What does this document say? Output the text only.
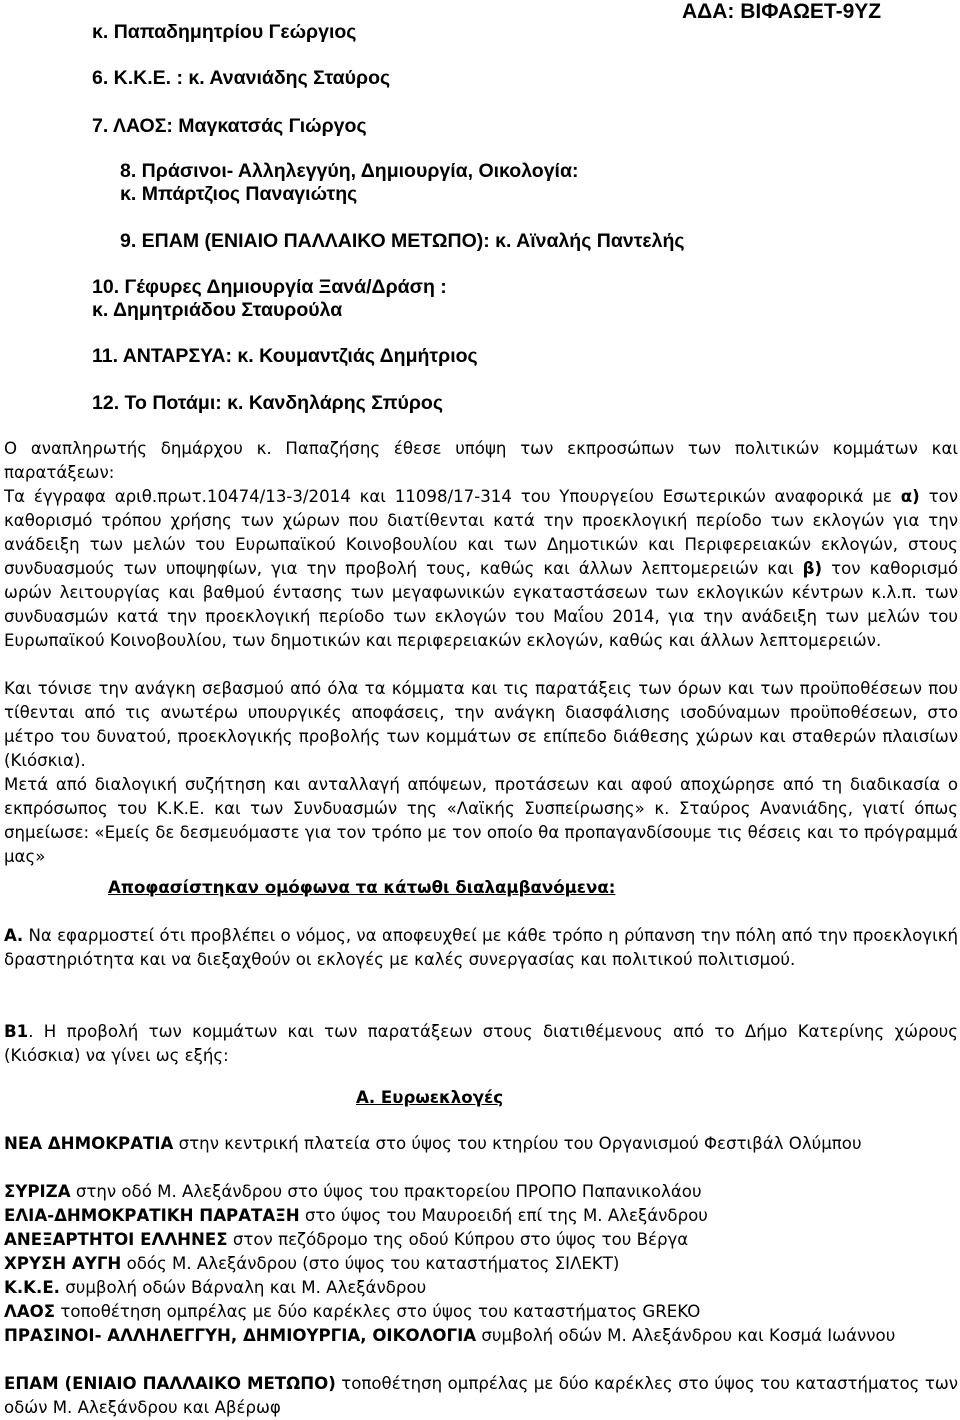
ΑΔΑ: ΒΙΦΑΩΕΤ-9ΥΖ
κ. Παπαδημητρίου Γεώργιος
6. Κ.Κ.Ε. : κ. Ανανιάδης Σταύρος
7. ΛΑΟΣ: Μαγκατσάς Γιώργος
8. Πράσινοι- Αλληλεγγύη, Δημιουργία, Οικολογία:
κ. Μπάρτζιος Παναγιώτης
9. ΕΠΑΜ (ΕΝΙΑΙΟ ΠΑΛΛΑΙΚΟ ΜΕΤΩΠΟ): κ. Αϊναλής Παντελής
10. Γέφυρες Δημιουργία Ξανά/Δράση :
κ. Δημητριάδου Σταυρούλα
11. ΑΝΤΑΡΣΥΑ: κ. Κουμαντζιάς Δημήτριος
12. Το Ποτάμι: κ. Κανδηλάρης Σπύρος
Ο αναπληρωτής δημάρχου κ. Παπαζήσης έθεσε υπόψη των εκπροσώπων των πολιτικών κομμάτων και παρατάξεων:
Τα έγγραφα αριθ.πρωτ.10474/13-3/2014 και 11098/17-314 του Υπουργείου Εσωτερικών αναφορικά με α) τον καθορισμό τρόπου χρήσης των χώρων που διατίθενται κατά την προεκλογική περίοδο των εκλογών για την ανάδειξη των μελών του Ευρωπαϊκού Κοινοβουλίου και των Δημοτικών και Περιφερειακών εκλογών, στους συνδυασμούς των υποψηφίων, για την προβολή τους, καθώς και άλλων λεπτομερειών και β) τον καθορισμό ωρών λειτουργίας και βαθμού έντασης των μεγαφωνικών εγκαταστάσεων των εκλογικών κέντρων κ.λ.π. των συνδυασμών κατά την προεκλογική περίοδο των εκλογών του Μαΐου 2014, για την ανάδειξη των μελών του Ευρωπαϊκού Κοινοβουλίου, των δημοτικών και περιφερειακών εκλογών, καθώς και άλλων λεπτομερειών.
Και τόνισε την ανάγκη σεβασμού από όλα τα κόμματα και τις παρατάξεις των όρων και των προϋποθέσεων που τίθενται από τις ανωτέρω υπουργικές αποφάσεις, την ανάγκη διασφάλισης ισοδύναμων προϋποθέσεων, στο μέτρο του δυνατού, προεκλογικής προβολής των κομμάτων σε επίπεδο διάθεσης χώρων και σταθερών πλαισίων (Κιόσκια).
Μετά από διαλογική συζήτηση και ανταλλαγή απόψεων, προτάσεων και αφού αποχώρησε από τη διαδικασία ο εκπρόσωπος του Κ.Κ.Ε. και των Συνδυασμών της «Λαϊκής Συσπείρωσης» κ. Σταύρος Ανανιάδης, γιατί όπως σημείωσε: «Εμείς δε δεσμευόμαστε για τον τρόπο με τον οποίο θα προπαγανδίσουμε τις θέσεις και το πρόγραμμά μας»
Αποφασίστηκαν ομόφωνα τα κάτωθι διαλαμβανόμενα:
Α. Να εφαρμοστεί ότι προβλέπει ο νόμος, να αποφευχθεί με κάθε τρόπο η ρύπανση την πόλη από την προεκλογική δραστηριότητα και να διεξαχθούν οι εκλογές με καλές συνεργασίας και πολιτικού πολιτισμού.
Β1. Η προβολή των κομμάτων και των παρατάξεων στους διατιθέμενους από το Δήμο Κατερίνης χώρους (Κιόσκια) να γίνει ως εξής:
Α. Ευρωεκλογές
ΝΕΑ ΔΗΜΟΚΡΑΤΙΑ στην κεντρική πλατεία στο ύψος του κτηρίου του Οργανισμού Φεστιβάλ Ολύμπου
ΣΥΡΙΖΑ στην οδό Μ. Αλεξάνδρου στο ύψος του πρακτορείου ΠΡΟΠΟ Παπανικολάου
ΕΛΙΑ-ΔΗΜΟΚΡΑΤΙΚΗ ΠΑΡΑΤΑΞΗ στο ύψος του Μαυροειδή επί της Μ. Αλεξάνδρου
ΑΝΕΞΑΡΤΗΤΟΙ ΕΛΛΗΝΕΣ στον πεζόδρομο της οδού Κύπρου στο ύψος του Βέργα
ΧΡΥΣΗ ΑΥΓΗ οδός Μ. Αλεξάνδρου (στο ύψος του καταστήματος ΣΙΛΕΚΤ)
Κ.Κ.Ε. συμβολή οδών Βάρναλη και Μ. Αλεξάνδρου
ΛΑΟΣ τοποθέτηση ομπρέλας με δύο καρέκλες στο ύψος του καταστήματος GREKO
ΠΡΑΣΙΝΟΙ- ΑΛΛΗΛΕΓΓΥΗ, ΔΗΜΙΟΥΡΓΙΑ, ΟΙΚΟΛΟΓΙΑ συμβολή οδών Μ. Αλεξάνδρου και Κοσμά Ιωάννου
ΕΠΑΜ (ΕΝΙΑΙΟ ΠΑΛΛΑΙΚΟ ΜΕΤΩΠΟ) τοποθέτηση ομπρέλας με δύο καρέκλες στο ύψος του καταστήματος των οδών Μ. Αλεξάνδρου και Αβέρωφ
